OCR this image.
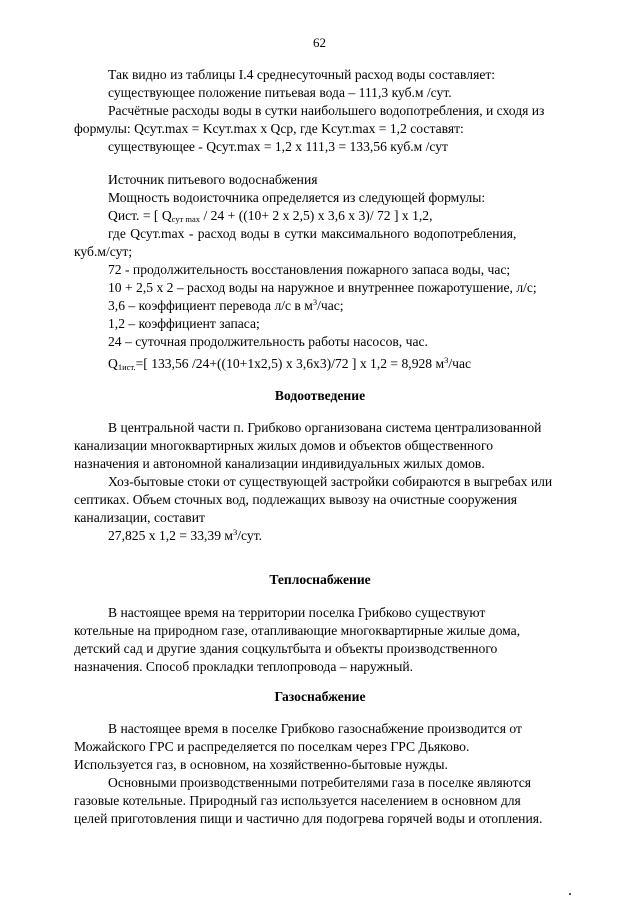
62
Так видно из таблицы I.4 среднесуточный расход воды составляет:
существующее положение питьевая вода – 111,3 куб.м /сут.
Расчётные расходы воды в сутки наибольшего водопотребления, и сходя из
формулы: Qсут.max = Kсут.max x Qср, где Kсут.max = 1,2 составят:
существующее - Qсут.max = 1,2 x 111,3 = 133,56 куб.м /сут
Источник питьевого водоснабжения
Мощность водоисточника определяется из следующей формулы:
Qист. = [ $Q_{сут max} / 24 + ((10+ 2$ x 2,5) x 3,6 x 3)/ 72 ] x 1,2,
где Qсут.max - расход воды в сутки максимального водопотребления,
куб.м/сут;
72 - продолжительность восстановления пожарного запаса воды, час;
10 + 2,5 x 2 – расход воды на наружное и внутреннее пожаротушение, л/с;
3,6 – коэффициент перевода л/с в $м^3$/час;
1,2 – коэффициент запаса;
24 – суточная продолжительность работы насосов, час.
$Q_{1ист.}=$[ 133,56 /24+((10+1x2,5) x 3,6x3)/72 ] x 1,2 = 8,928 $м^3$/час
Водоотведение
В центральной части п. Грибково организована система централизованной
канализации многоквартирных жилых домов и объектов общественного
назначения и автономной канализации индивидуальных жилых домов.
Хоз-бытовые стоки от существующей застройки собираются в выгребах или
септиках. Объем сточных вод, подлежащих вывозу на очистные сооружения
канализации, составит
27,825 x 1,2 = 33,39 $м^3$/сут.
Теплоснабжение
В настоящее время на территории поселка Грибково существуют
котельные на природном газе, отапливающие многоквартирные жилые дома,
детский сад и другие здания соцкультбыта и объекты производственного
назначения. Способ прокладки теплопровода – наружный.
Газоснабжение
В настоящее время в поселке Грибково газоснабжение производится от
Можайского ГРС и распределяется по поселкам через ГРС Дьяково.
Используется газ, в основном, на хозяйственно-бытовые нужды.
Основными производственными потребителями газа в поселке являются
газовые котельные. Природный газ используется населением в основном для
целей приготовления пищи и частично для подогрева горячей воды и отопления.
